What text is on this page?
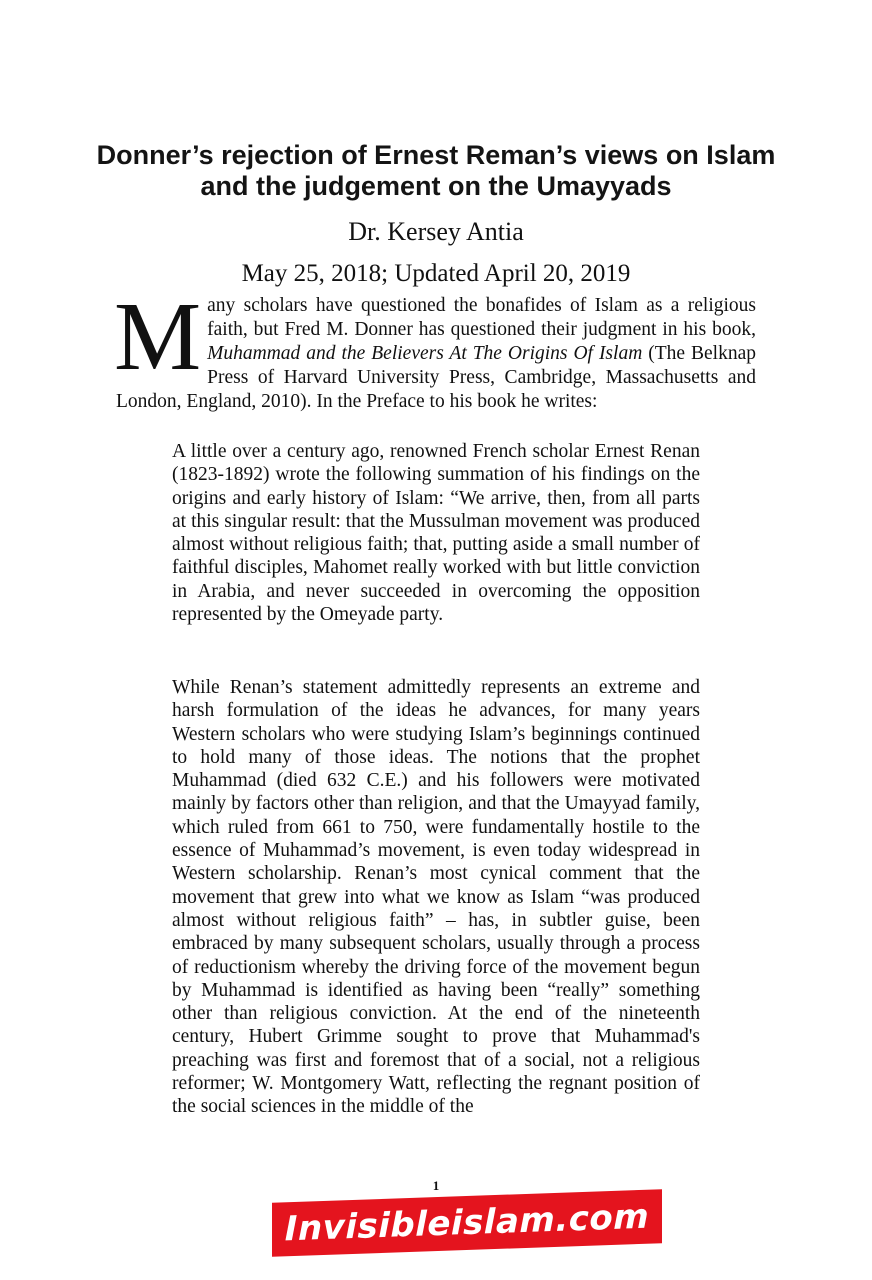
Donner’s rejection of Ernest Reman’s views on Islam and the judgement on the Umayyads
Dr. Kersey Antia
May 25, 2018; Updated April 20, 2019
Many scholars have questioned the bonafides of Islam as a religious faith, but Fred M. Donner has questioned their judgment in his book, Muhammad and the Believers At The Origins Of Islam (The Belknap Press of Harvard University Press, Cambridge, Massachusetts and London, England, 2010). In the Preface to his book he writes:
A little over a century ago, renowned French scholar Ernest Renan (1823-1892) wrote the following summation of his findings on the origins and early history of Islam: “We arrive, then, from all parts at this singular result: that the Mussulman movement was produced almost without religious faith; that, putting aside a small number of faithful disciples, Mahomet really worked with but little conviction in Arabia, and never succeeded in overcoming the opposition represented by the Omeyade party.
While Renan’s statement admittedly represents an extreme and harsh formulation of the ideas he advances, for many years Western scholars who were studying Islam’s beginnings continued to hold many of those ideas. The notions that the prophet Muhammad (died 632 C.E.) and his followers were motivated mainly by factors other than religion, and that the Umayyad family, which ruled from 661 to 750, were fundamentally hostile to the essence of Muhammad’s movement, is even today widespread in Western scholarship. Renan’s most cynical comment that the movement that grew into what we know as Islam “was produced almost without religious faith” – has, in subtler guise, been embraced by many subsequent scholars, usually through a process of reductionism whereby the driving force of the movement begun by Muhammad is identified as having been “really” something other than religious conviction. At the end of the nineteenth century, Hubert Grimme sought to prove that Muhammad's preaching was first and foremost that of a social, not a religious reformer; W. Montgomery Watt, reflecting the regnant position of the social sciences in the middle of the
1
Invisibleislam.com
